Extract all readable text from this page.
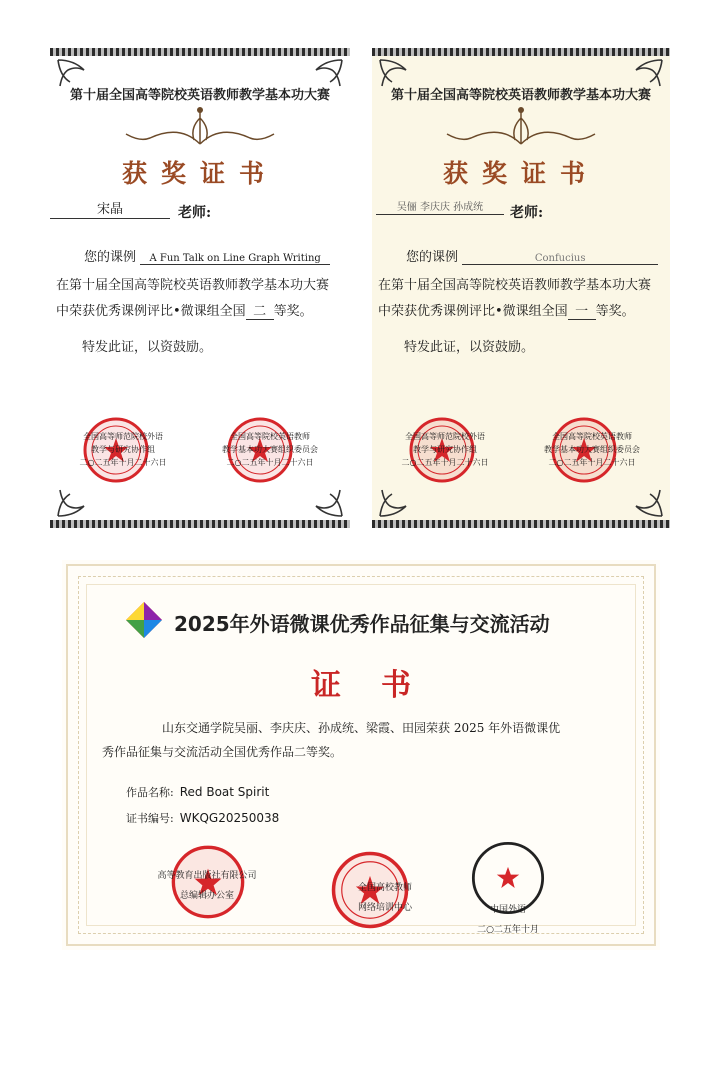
第十届全国高等院校英语教师教学基本功大赛
获奖证书
宋晶	老师:
您的课例 A Fun Talk on Line Graph Writing
在第十届全国高等院校英语教师教学基本功大赛
中荣获优秀课例评比•微课组全国 二 等奖。
特发此证，以资鼓励。
全国高等师范院校外语
教学与研究协作组
二○二五年十月二十六日
全国高等院校英语教师
教学基本功大赛组织委员会
二○二五年十月二十六日
第十届全国高等院校英语教师教学基本功大赛
获奖证书
吴俪 李庆庆 孙成统	老师:
您的课例	Confucius
在第十届全国高等院校英语教师教学基本功大赛
中荣获优秀课例评比•微课组全国 一 等奖。
特发此证，以资鼓励。
全国高等师范院校外语
教学与研究协作组
二○二五年十月二十六日
全国高等院校英语教师
教学基本功大赛组织委员会
二○二五年十月二十六日
2025年外语微课优秀作品征集与交流活动
证书
山东交通学院吴丽、李庆庆、孙成统、梁霞、田园荣获 2025 年外语微课优
秀作品征集与交流活动全国优秀作品二等奖。
作品名称: Red Boat Spirit
证书编号: WKQG20250038
高等教育出版社有限公司
总编辑办公室
全国高校教师
网络培训中心	中国外语
二○二五年十月
